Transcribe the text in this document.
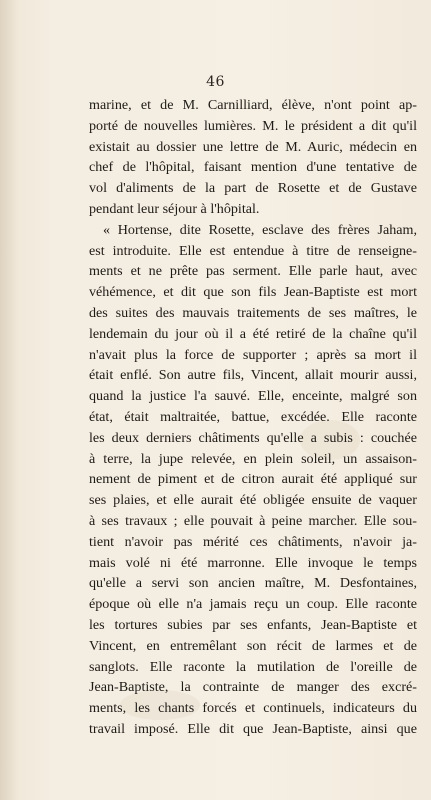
46
marine, et de M. Carnilliard, élève, n'ont point ap-
porté de nouvelles lumières. M. le président a dit qu'il
existait au dossier une lettre de M. Auric, médecin en
chef de l'hôpital, faisant mention d'une tentative de
vol d'aliments de la part de Rosette et de Gustave
pendant leur séjour à l'hôpital.
« Hortense, dite Rosette, esclave des frères Jaham,
est introduite. Elle est entendue à titre de renseigne-
ments et ne prête pas serment. Elle parle haut, avec
véhémence, et dit que son fils Jean-Baptiste est mort
des suites des mauvais traitements de ses maîtres, le
lendemain du jour où il a été retiré de la chaîne qu'il
n'avait plus la force de supporter ; après sa mort il
était enflé. Son autre fils, Vincent, allait mourir aussi,
quand la justice l'a sauvé. Elle, enceinte, malgré son
état, était maltraitée, battue, excédée. Elle raconte
les deux derniers châtiments qu'elle a subis : couchée
à terre, la jupe relevée, en plein soleil, un assaison-
nement de piment et de citron aurait été appliqué sur
ses plaies, et elle aurait été obligée ensuite de vaquer
à ses travaux ; elle pouvait à peine marcher. Elle sou-
tient n'avoir pas mérité ces châtiments, n'avoir ja-
mais volé ni été marronne. Elle invoque le temps
qu'elle a servi son ancien maître, M. Desfontaines,
époque où elle n'a jamais reçu un coup. Elle raconte
les tortures subies par ses enfants, Jean-Baptiste et
Vincent, en entremêlant son récit de larmes et de
sanglots. Elle raconte la mutilation de l'oreille de
Jean-Baptiste, la contrainte de manger des excré-
ments, les chants forcés et continuels, indicateurs du
travail imposé. Elle dit que Jean-Baptiste, ainsi que
